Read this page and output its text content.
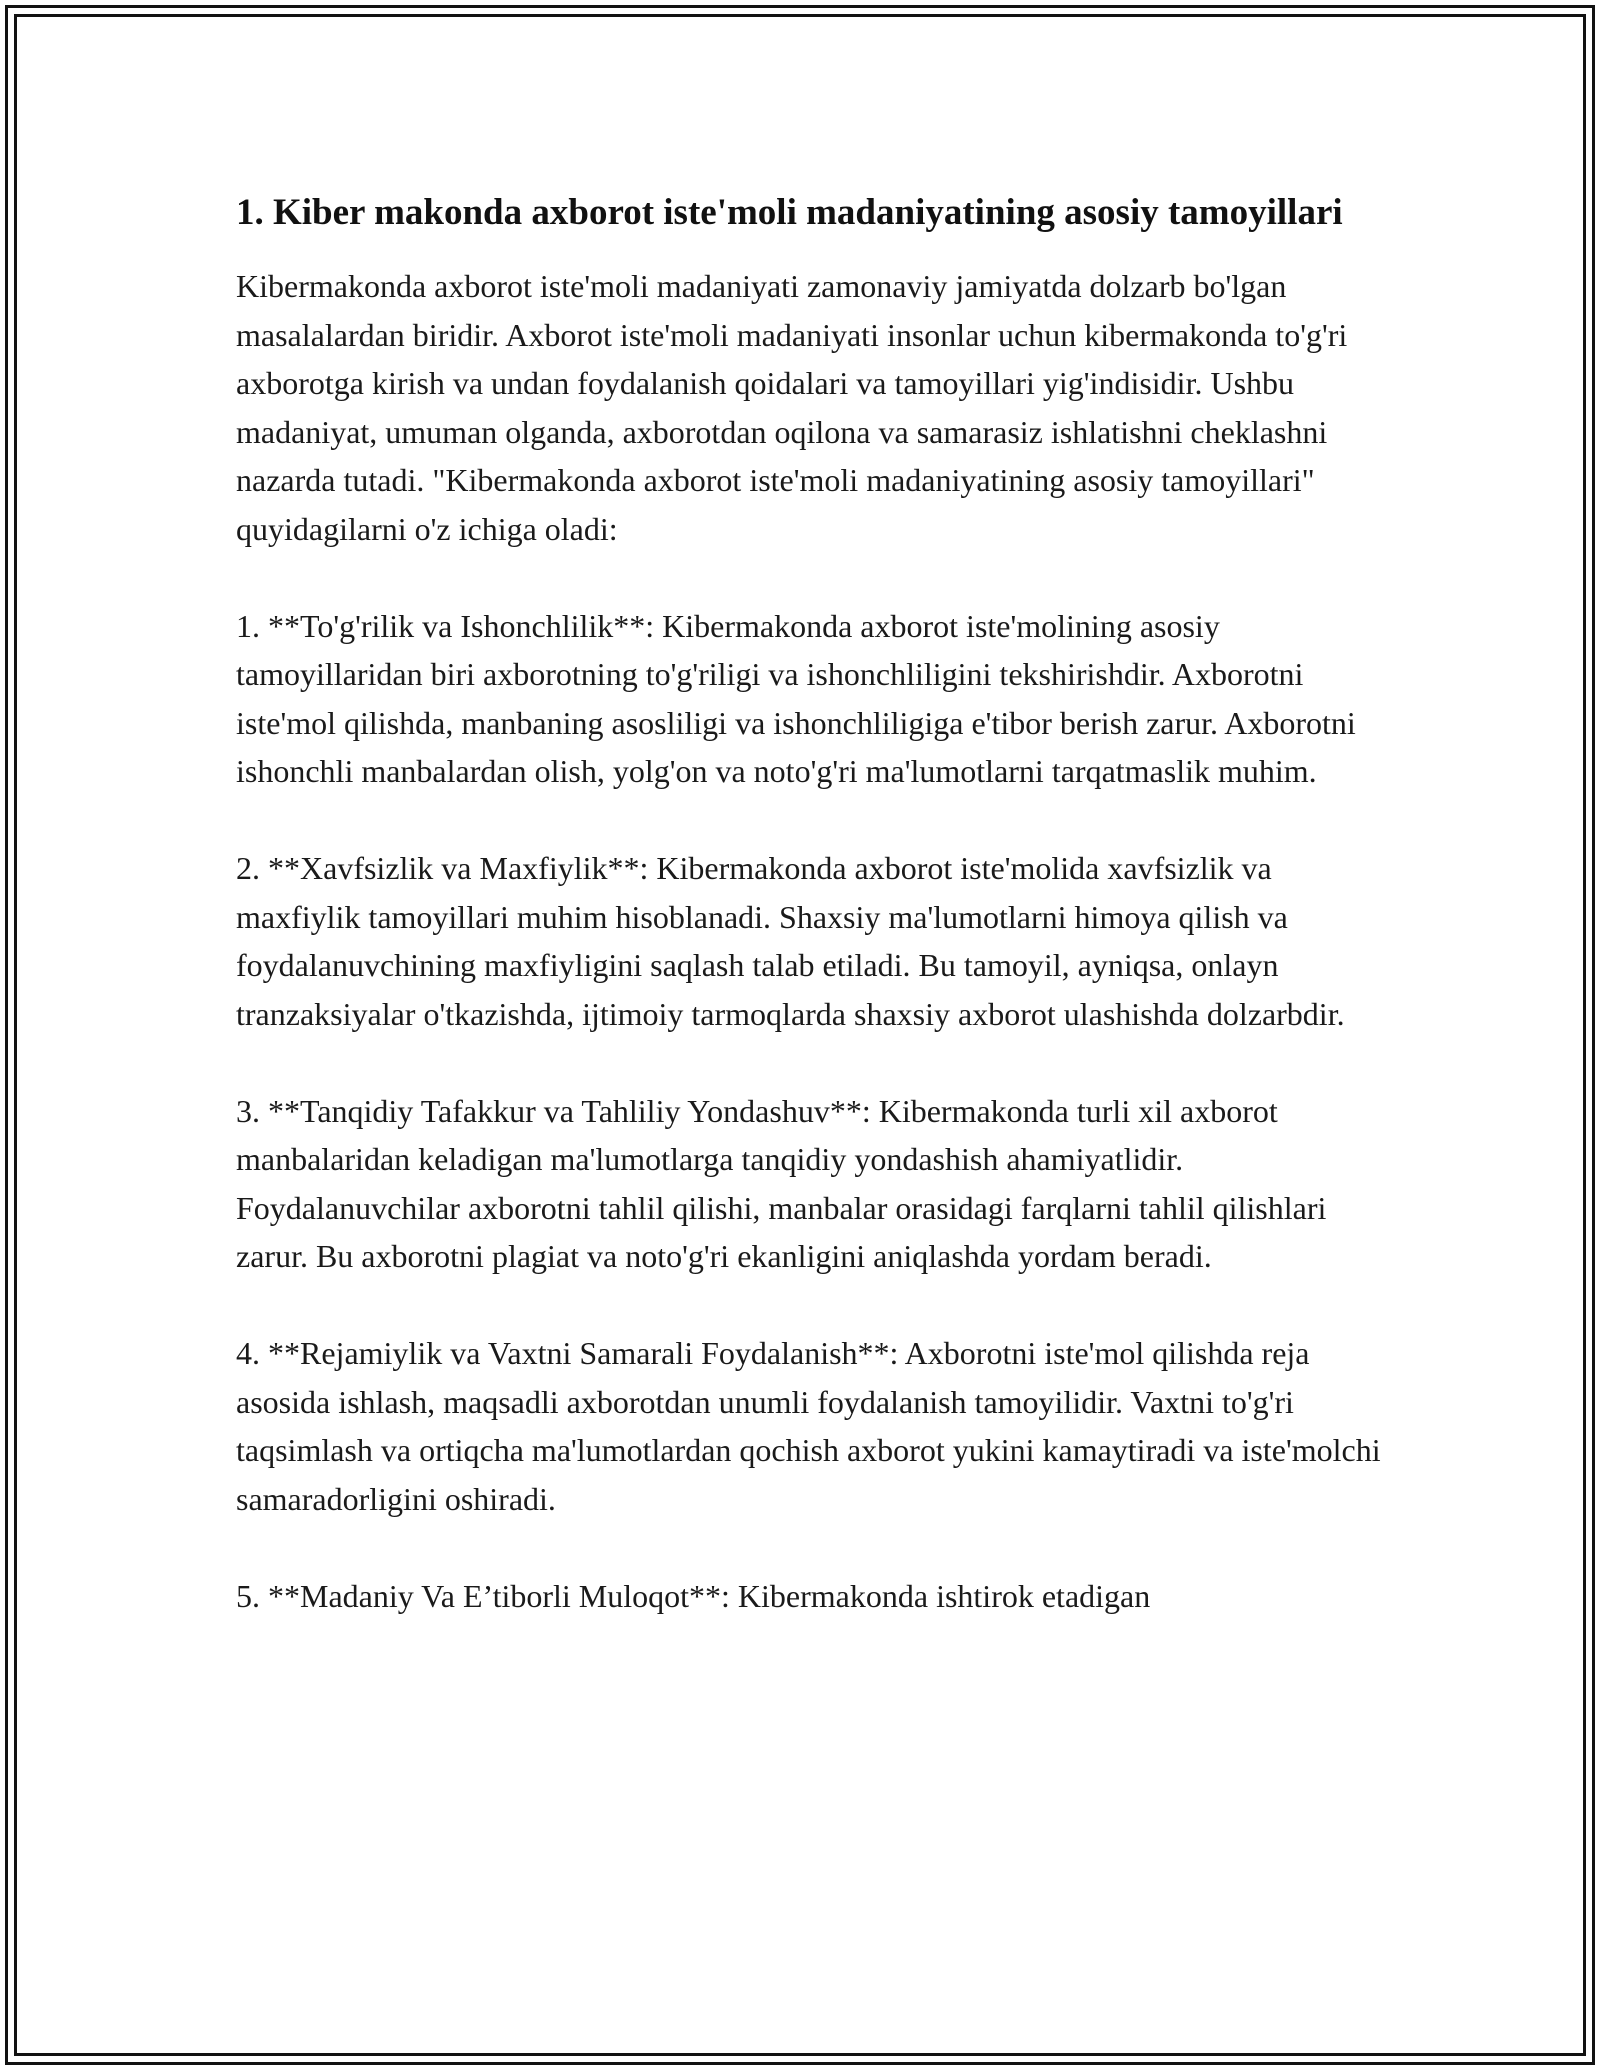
1. Kiber makonda axborot iste'moli madaniyatining asosiy tamoyillari

Kibermakonda axborot iste'moli madaniyati zamonaviy jamiyatda dolzarb bo'lgan masalalardan biridir. Axborot iste'moli madaniyati insonlar uchun kibermakonda to'g'ri axborotga kirish va undan foydalanish qoidalari va tamoyillari yig'indisidir. Ushbu madaniyat, umuman olganda, axborotdan oqilona va samarasiz ishlatishni cheklashni nazarda tutadi. "Kibermakonda axborot iste'moli madaniyatining asosiy tamoyillari" quyidagilarni o'z ichiga oladi:

1. **To'g'rilik va Ishonchlilik**: Kibermakonda axborot iste'molining asosiy tamoyillaridan biri axborotning to'g'riligi va ishonchliligini tekshirishdir. Axborotni iste'mol qilishda, manbaning asosliligi va ishonchliligiga e'tibor berish zarur. Axborotni ishonchli manbalardan olish, yolg'on va noto'g'ri ma'lumotlarni tarqatmaslik muhim.

2. **Xavfsizlik va Maxfiylik**: Kibermakonda axborot iste'molida xavfsizlik va maxfiylik tamoyillari muhim hisoblanadi. Shaxsiy ma'lumotlarni himoya qilish va foydalanuvchining maxfiyligini saqlash talab etiladi. Bu tamoyil, ayniqsa, onlayn tranzaksiyalar o'tkazishda, ijtimoiy tarmoqlarda shaxsiy axborot ulashishda dolzarbdir.

3. **Tanqidiy Tafakkur va Tahliliy Yondashuv**: Kibermakonda turli xil axborot manbalaridan keladigan ma'lumotlarga tanqidiy yondashish ahamiyatlidir. Foydalanuvchilar axborotni tahlil qilishi, manbalar orasidagi farqlarni tahlil qilishlari zarur. Bu axborotni plagiat va noto'g'ri ekanligini aniqlashda yordam beradi.

4. **Rejamiylik va Vaxtni Samarali Foydalanish**: Axborotni iste'mol qilishda reja asosida ishlash, maqsadli axborotdan unumli foydalanish tamoyilidir. Vaxtni to'g'ri taqsimlash va ortiqcha ma'lumotlardan qochish axborot yukini kamaytiradi va iste'molchi samaradorligini oshiradi.

5. **Madaniy Va E’tiborli Muloqot**: Kibermakonda ishtirok etadigan
